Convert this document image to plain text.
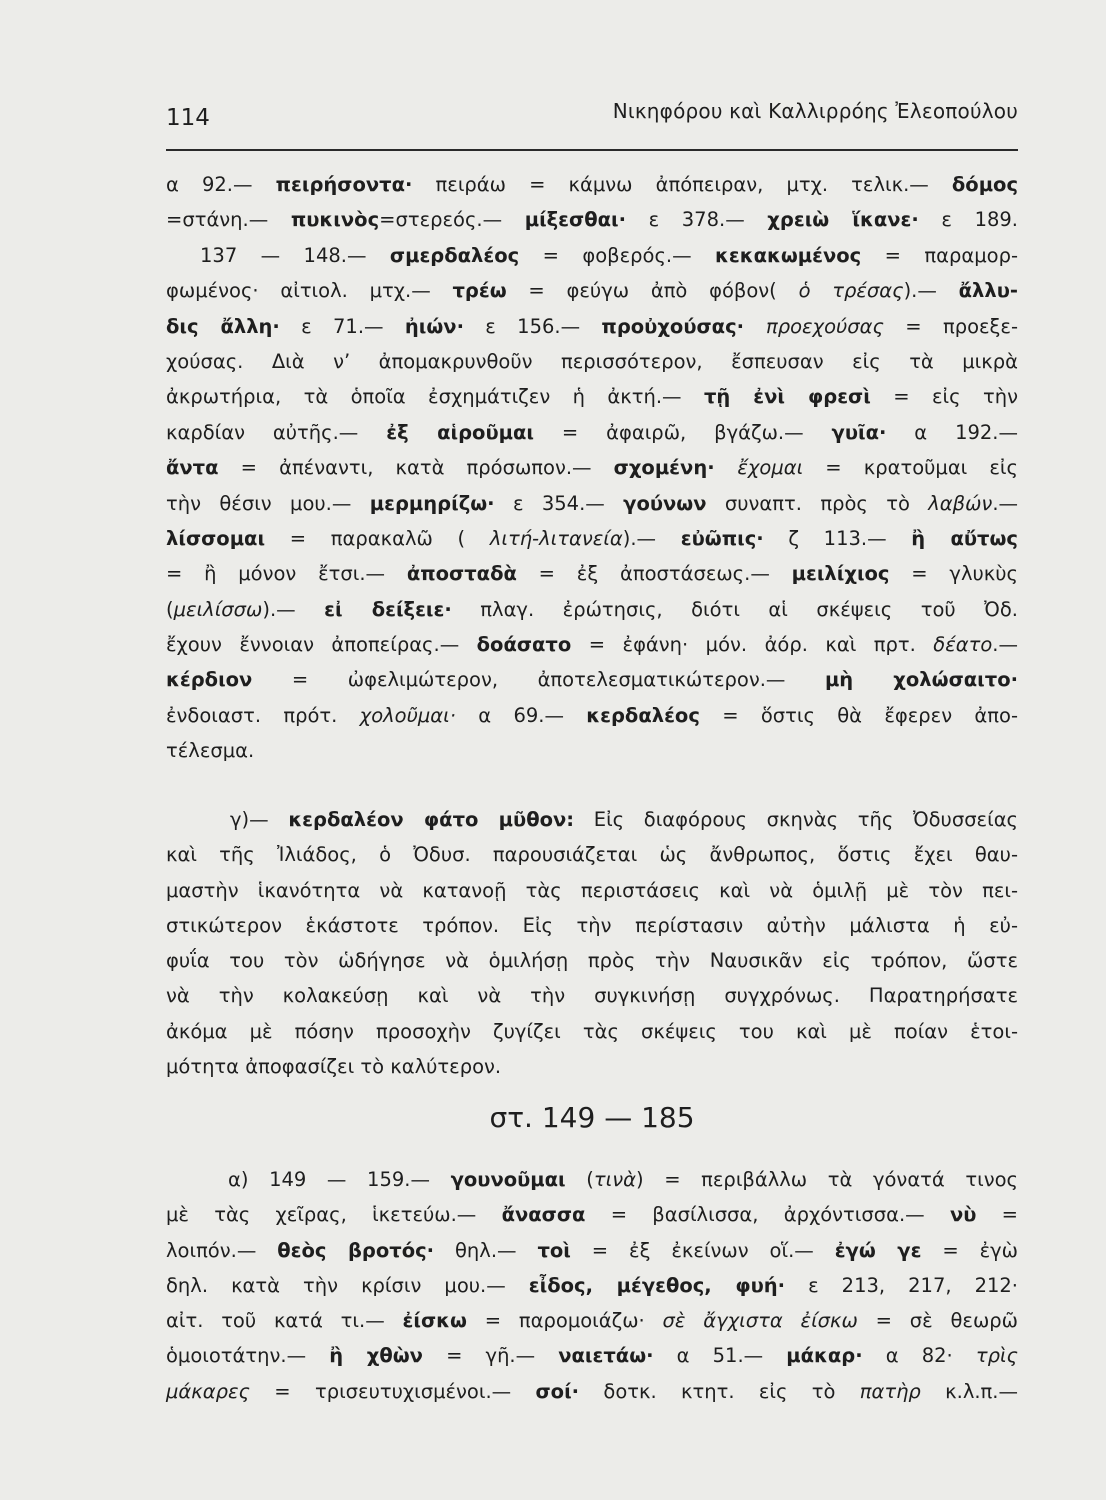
114	Νικηφόρου καὶ Καλλιρρόης Ἐλεοπούλου
α 92.— πειρήσοντα· πειράω = κάμνω ἀπόπειραν, μτχ. τελικ.— δόμος
=στάνη.— πυκινὸς=στερεός.— μίξεσθαι· ε 378.— χρειὼ ἵκανε· ε 189.
137 — 148.— σμερδαλέος = φοβερός.— κεκακωμένος = παραμορ-
φωμένος· αἰτιολ. μτχ.— τρέω = φεύγω ἀπὸ φόβον( ὁ τρέσας).— ἄλλυ-
δις ἄλλη· ε 71.— ἠιών· ε 156.— προὐχούσας· προεχούσας = προεξε-
χούσας. Διὰ ν’ ἀπομακρυνθοῦν περισσότερον, ἔσπευσαν εἰς τὰ μικρὰ
ἀκρωτήρια, τὰ ὁποῖα ἐσχημάτιζεν ἡ ἀκτή.— τῇ ἐνὶ φρεσὶ = εἰς τὴν
καρδίαν αὐτῆς.— ἐξ αἱροῦμαι = ἀφαιρῶ, βγάζω.— γυῖα· α 192.—
ἄντα = ἀπέναντι, κατὰ πρόσωπον.— σχομένη· ἔχομαι = κρατοῦμαι εἰς
τὴν θέσιν μου.— μερμηρίζω· ε 354.— γούνων συναπτ. πρὸς τὸ λαβών.—
λίσσομαι = παρακαλῶ ( λιτή-λιτανεία).— εὐῶπις· ζ 113.— ἢ αὔτως
= ἢ μόνον ἔτσι.— ἀποσταδὰ = ἐξ ἀποστάσεως.— μειλίχιος = γλυκὺς
(μειλίσσω).— εἰ δείξειε· πλαγ. ἐρώτησις, διότι αἱ σκέψεις τοῦ Ὀδ.
ἔχουν ἔννοιαν ἀποπείρας.— δοάσατο = ἐφάνη· μόν. ἀόρ. καὶ πρτ. δέατο.—
κέρδιον = ὠφελιμώτερον, ἀποτελεσματικώτερον.— μὴ χολώσαιτο·
ἐνδοιαστ. πρότ. χολοῦμαι· α 69.— κερδαλέος = ὅστις θὰ ἔφερεν ἀπο-
τέλεσμα.
γ)— κερδαλέον φάτο μῦθον: Εἰς διαφόρους σκηνὰς τῆς Ὀδυσσείας
καὶ τῆς Ἰλιάδος, ὁ Ὀδυσ. παρουσιάζεται ὡς ἄνθρωπος, ὅστις ἔχει θαυ-
μαστὴν ἱκανότητα νὰ κατανοῇ τὰς περιστάσεις καὶ νὰ ὁμιλῇ μὲ τὸν πει-
στικώτερον ἑκάστοτε τρόπον. Εἰς τὴν περίστασιν αὐτὴν μάλιστα ἡ εὐ-
φυΐα του τὸν ὡδήγησε νὰ ὁμιλήσῃ πρὸς τὴν Ναυσικᾶν εἰς τρόπον, ὥστε
νὰ τὴν κολακεύσῃ καὶ νὰ τὴν συγκινήσῃ συγχρόνως. Παρατηρήσατε
ἀκόμα μὲ πόσην προσοχὴν ζυγίζει τὰς σκέψεις του καὶ μὲ ποίαν ἑτοι-
μότητα ἀποφασίζει τὸ καλύτερον.
στ. 149 — 185
α) 149 — 159.— γουνοῦμαι (τινὰ) = περιβάλλω τὰ γόνατά τινος
μὲ τὰς χεῖρας, ἱκετεύω.— ἄνασσα = βασίλισσα, ἀρχόντισσα.— νὺ =
λοιπόν.— θεὸς βροτός· θηλ.— τοὶ = ἐξ ἐκείνων οἵ.— ἐγώ γε = ἐγὼ
δηλ. κατὰ τὴν κρίσιν μου.— εἶδος, μέγεθος, φυή· ε 213, 217, 212·
αἰτ. τοῦ κατά τι.— ἐίσκω = παρομοιάζω· σὲ ἄγχιστα ἐίσκω = σὲ θεωρῶ
ὁμοιοτάτην.— ἢ χθὼν = γῆ.— ναιετάω· α 51.— μάκαρ· α 82· τρὶς
μάκαρες = τρισευτυχισμένοι.— σοί· δοτκ. κτητ. εἰς τὸ πατὴρ κ.λ.π.—
